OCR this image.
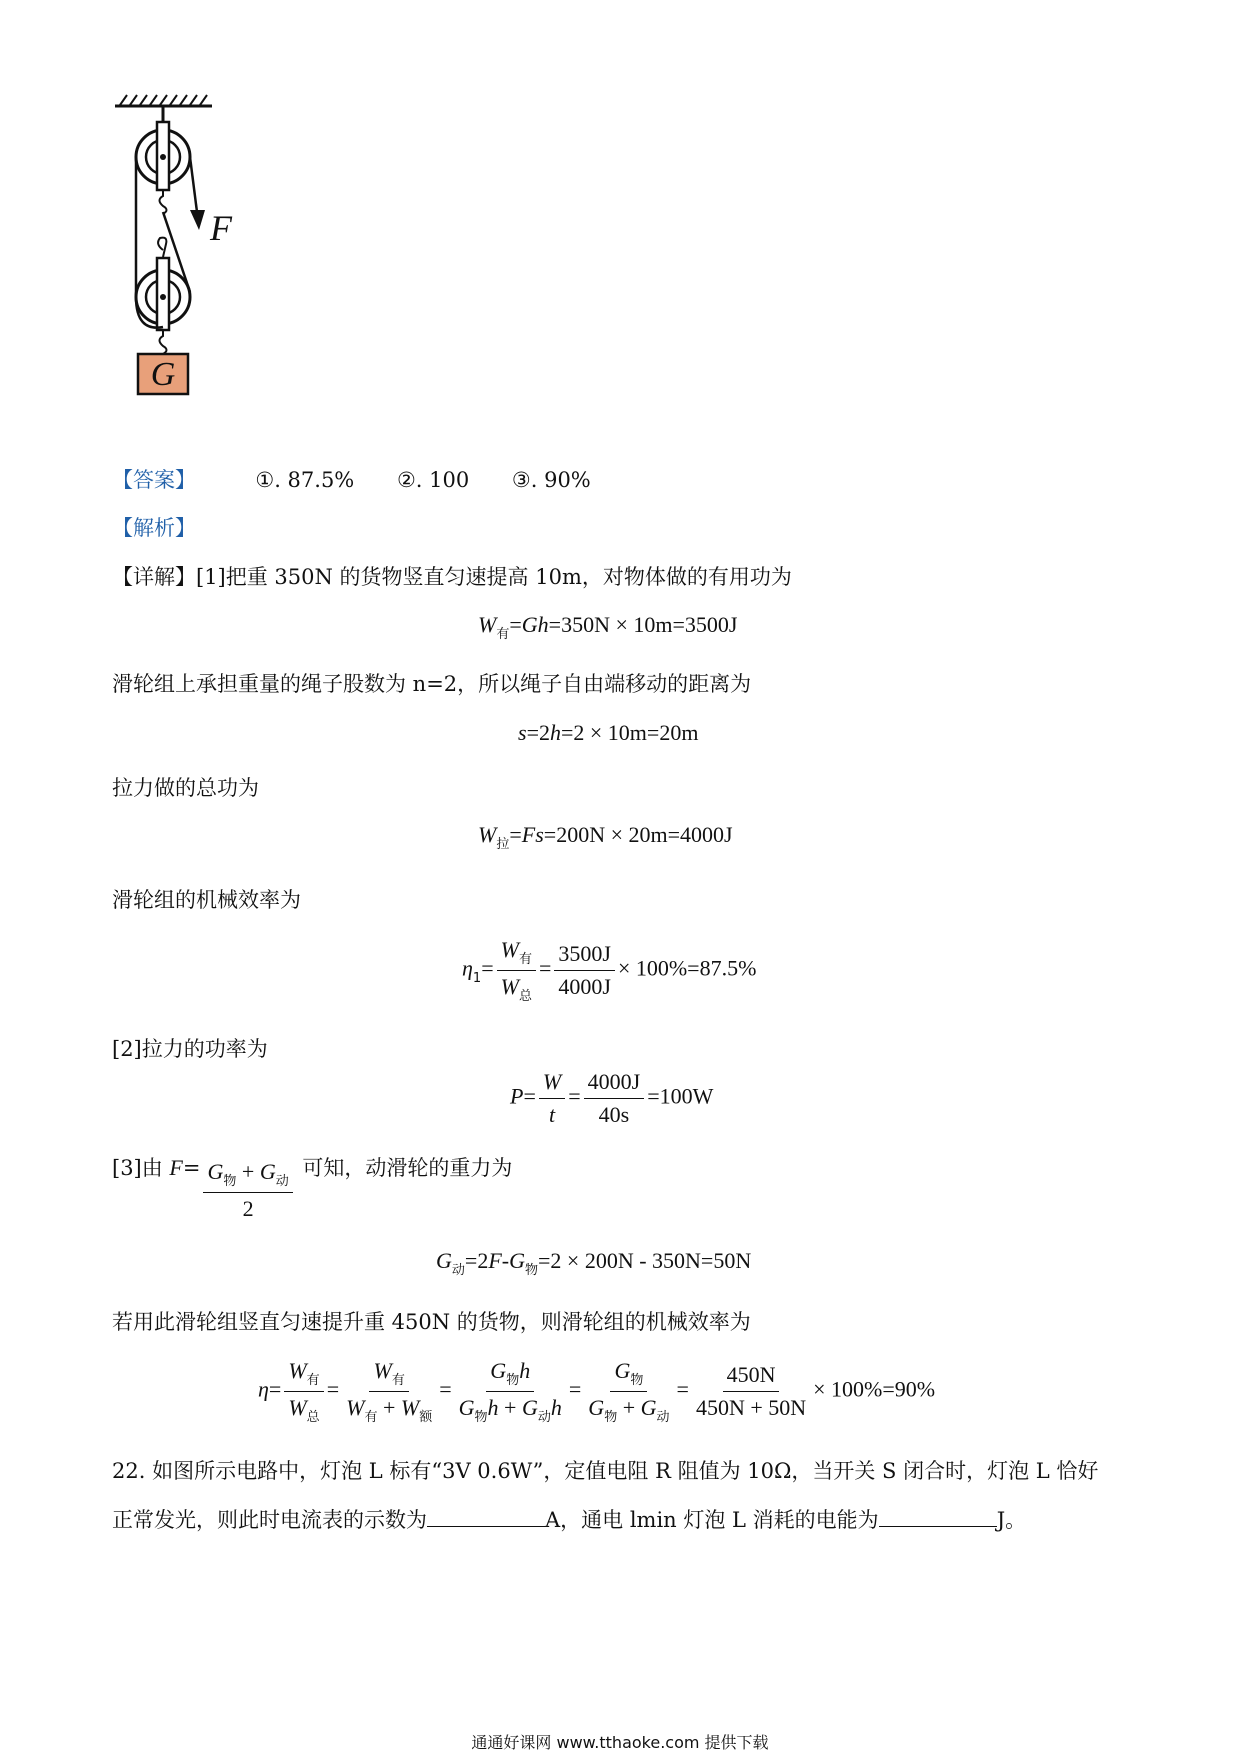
G
F
【答案】	①. 87.5% ②. 100 ③. 90%
【解析】
【详解】[1]把重 350N 的货物竖直匀速提高 10m，对物体做的有用功为
$W_有=Gh=350N \times 10m=3500J$
滑轮组上承担重量的绳子股数为 n=2，所以绳子自由端移动的距离为
s=2h=2 × 10m=20m
拉力做的总功为
$W_拉=Fs=200N \times 20m=4000J$
滑轮组的机械效率为
$\eta_1= \frac{W_有}{W_总} = \frac{3500J}{4000J} \times 100\%=87.5\%$
[2]拉力的功率为
$P= \frac{W}{t} = \frac{4000J}{40s} =100W$
[3]由 $F= \frac{G_物 + G_动}{2}$ 可知，动滑轮的重力为
$G_动=2F-G_物=2 \times 200N - 350N=50N$
若用此滑轮组竖直匀速提升重 450N 的货物，则滑轮组的机械效率为
$\eta= \frac{W_有}{W_总} = \frac{W_有}{W_有 + W_额} = \frac{G_物h}{G_物h + G_动h} = \frac{G_物}{G_物 + G_动} = \frac{450N}{450N + 50N} \times 100\%=90\%$
22. 如图所示电路中，灯泡 L 标有“3V 0.6W”，定值电阻 R 阻值为 10Ω，当开关 S 闭合时，灯泡 L 恰好
正常发光，则此时电流表的示数为	A，通电 lmin 灯泡 L 消耗的电能为	J。
通通好课网 www.tthaoke.com 提供下载
